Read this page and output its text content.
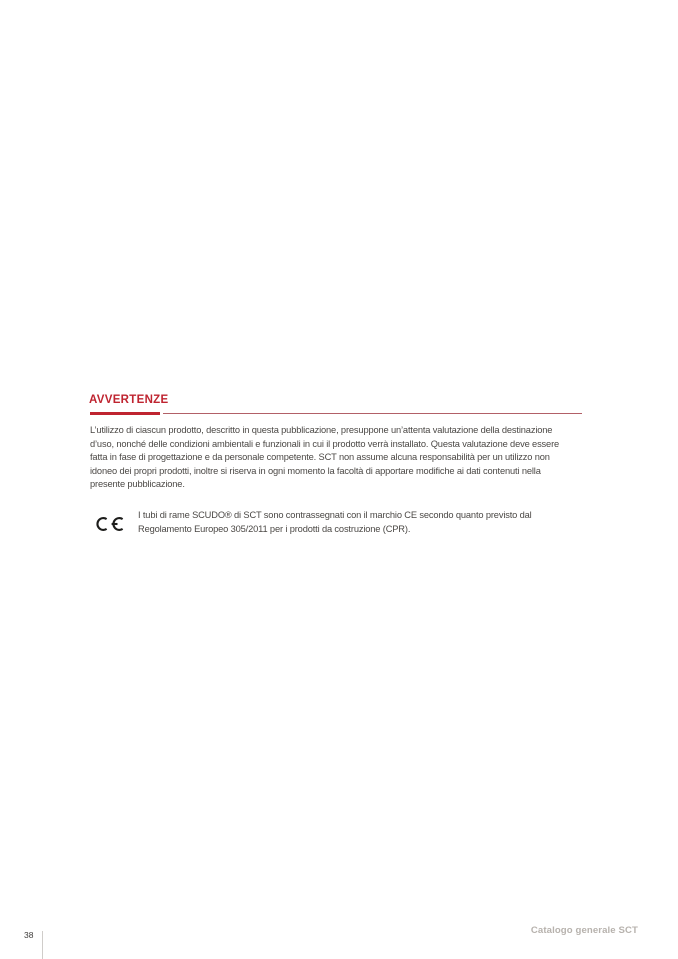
AVVERTENZE
L’utilizzo di ciascun prodotto, descritto in questa pubblicazione, presuppone un’attenta valutazione della destinazione
d’uso, nonché delle condizioni ambientali e funzionali in cui il prodotto verrà installato. Questa valutazione deve essere
fatta in fase di progettazione e da personale competente. SCT non assume alcuna responsabilità per un utilizzo non
idoneo dei propri prodotti, inoltre si riserva in ogni momento la facoltà di apportare modifiche ai dati contenuti nella
presente pubblicazione.
I tubi di rame SCUDO® di SCT sono contrassegnati con il marchio CE secondo quanto previsto dal
Regolamento Europeo 305/2011 per i prodotti da costruzione (CPR).
38	Catalogo generale SCT
